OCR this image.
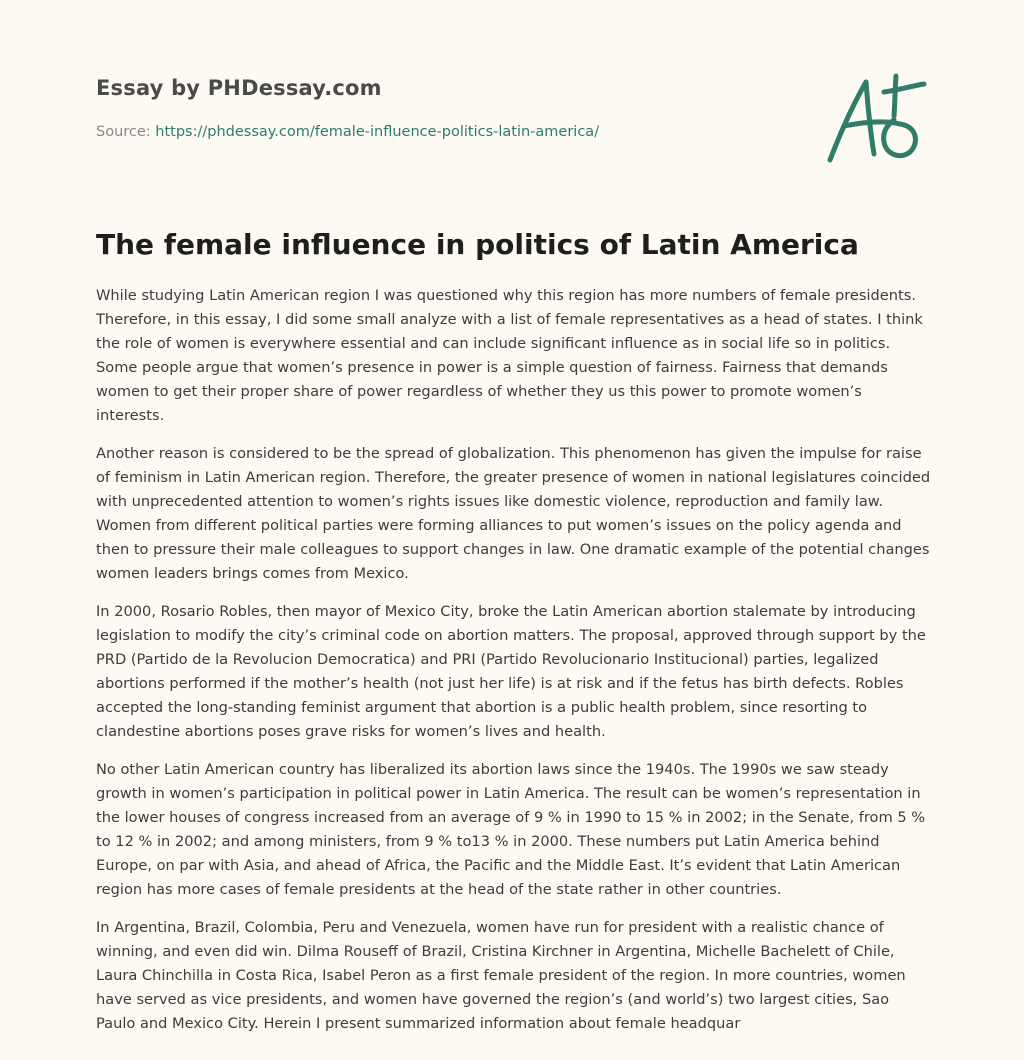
Essay by PHDessay.com
Source: https://phdessay.com/female-influence-politics-latin-america/
The female influence in politics of Latin America

While studying Latin American region I was questioned why this region has more numbers of female presidents. Therefore, in this essay, I did some small analyze with a list of female representatives as a head of states. I think the role of women is everywhere essential and can include significant influence as in social life so in politics. Some people argue that women’s presence in power is a simple question of fairness. Fairness that demands women to get their proper share of power regardless of whether they us this power to promote women’s interests.

Another reason is considered to be the spread of globalization. This phenomenon has given the impulse for raise of feminism in Latin American region. Therefore, the greater presence of women in national legislatures coincided with unprecedented attention to women’s rights issues like domestic violence, reproduction and family law. Women from different political parties were forming alliances to put women’s issues on the policy agenda and then to pressure their male colleagues to support changes in law. One dramatic example of the potential changes women leaders brings comes from Mexico.

In 2000, Rosario Robles, then mayor of Mexico City, broke the Latin American abortion stalemate by introducing legislation to modify the city’s criminal code on abortion matters. The proposal, approved through support by the PRD (Partido de la Revolucion Democratica) and PRI (Partido Revolucionario Institucional) parties, legalized abortions performed if the mother’s health (not just her life) is at risk and if the fetus has birth defects. Robles accepted the long-standing feminist argument that abortion is a public health problem, since resorting to clandestine abortions poses grave risks for women’s lives and health.

No other Latin American country has liberalized its abortion laws since the 1940s. The 1990s we saw steady growth in women’s participation in political power in Latin America. The result can be women’s representation in the lower houses of congress increased from an average of 9 % in 1990 to 15 % in 2002; in the Senate, from 5 % to 12 % in 2002; and among ministers, from 9 % to13 % in 2000. These numbers put Latin America behind Europe, on par with Asia, and ahead of Africa, the Pacific and the Middle East. It’s evident that Latin American region has more cases of female presidents at the head of the state rather in other countries.

In Argentina, Brazil, Colombia, Peru and Venezuela, women have run for president with a realistic chance of winning, and even did win. Dilma Rouseff of Brazil, Cristina Kirchner in Argentina, Michelle Bachelett of Chile, Laura Chinchilla in Costa Rica, Isabel Peron as a first female president of the region. In more countries, women have served as vice presidents, and women have governed the region’s (and world’s) two largest cities, Sao Paulo and Mexico City. Herein I present summarized information about female headquar
